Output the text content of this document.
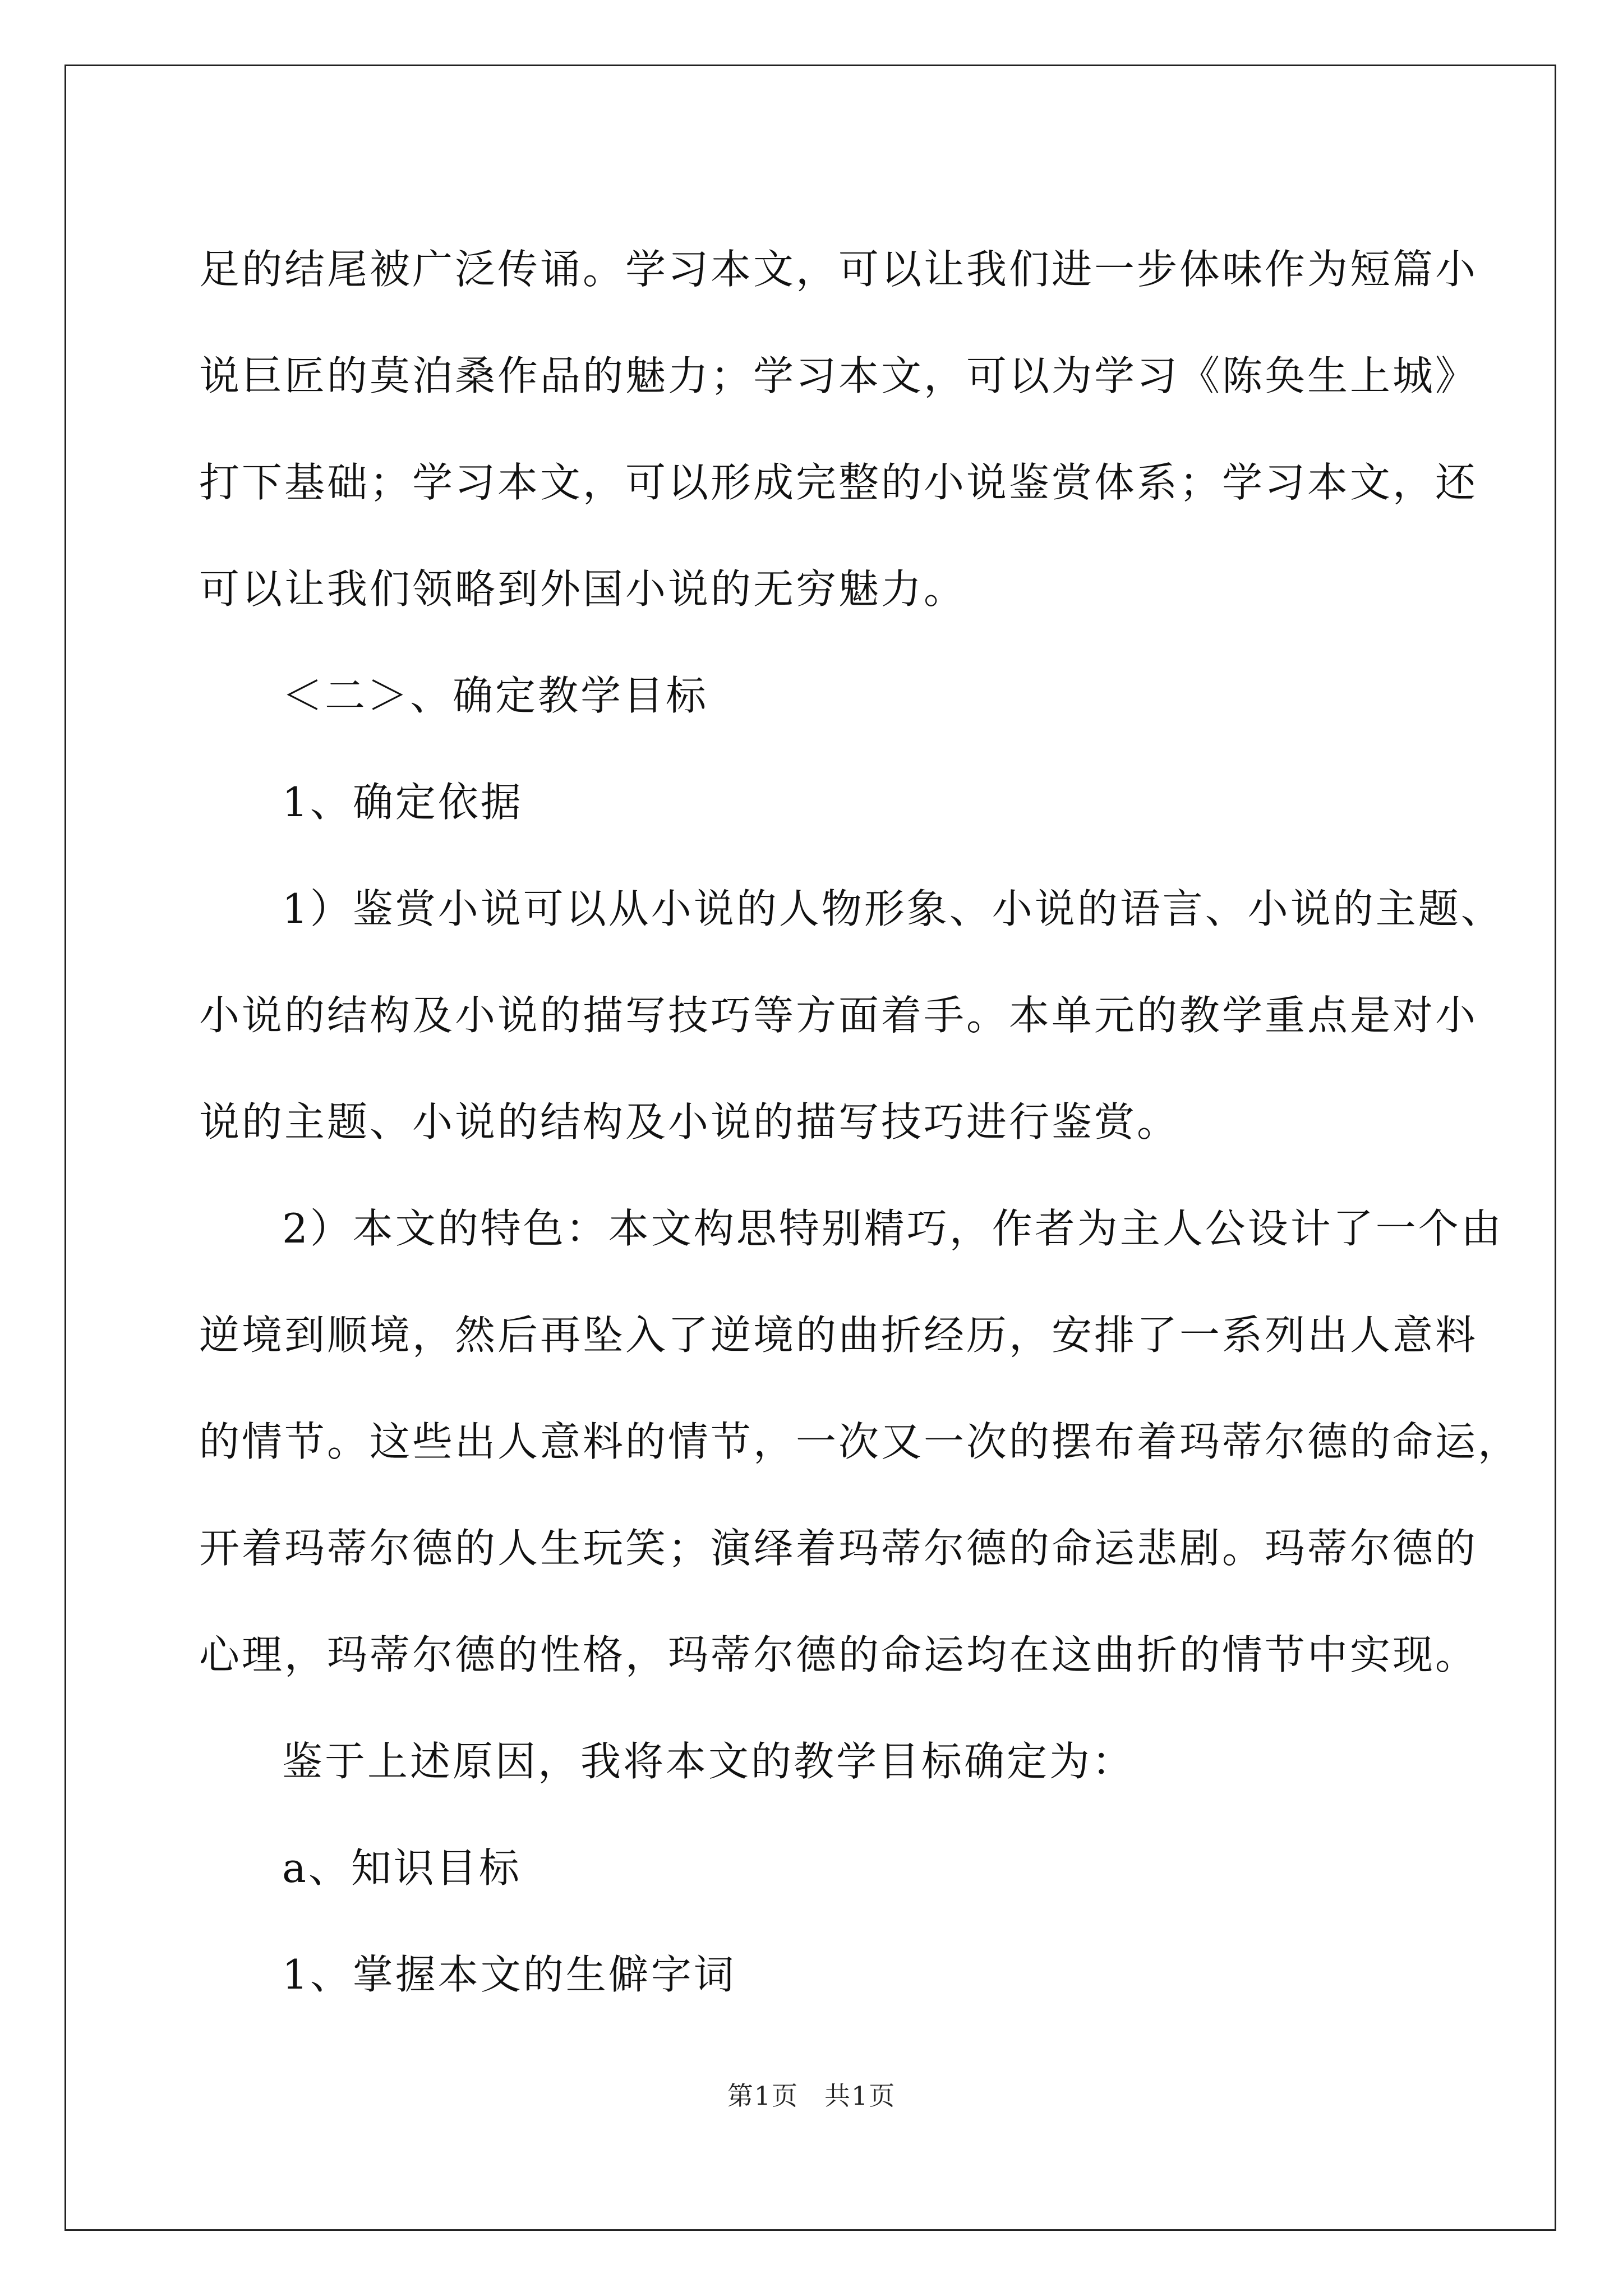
足的结尾被广泛传诵。学习本文，可以让我们进一步体味作为短篇小
说巨匠的莫泊桑作品的魅力；学习本文，可以为学习《陈奂生上城》
打下基础；学习本文，可以形成完整的小说鉴赏体系；学习本文，还
可以让我们领略到外国小说的无穷魅力。
＜二＞、确定教学目标
1、确定依据
1）鉴赏小说可以从小说的人物形象、小说的语言、小说的主题、
小说的结构及小说的描写技巧等方面着手。本单元的教学重点是对小
说的主题、小说的结构及小说的描写技巧进行鉴赏。
2）本文的特色：本文构思特别精巧，作者为主人公设计了一个由
逆境到顺境，然后再坠入了逆境的曲折经历，安排了一系列出人意料
的情节。这些出人意料的情节，一次又一次的摆布着玛蒂尔德的命运，
开着玛蒂尔德的人生玩笑；演绎着玛蒂尔德的命运悲剧。玛蒂尔德的
心理，玛蒂尔德的性格，玛蒂尔德的命运均在这曲折的情节中实现。
鉴于上述原因，我将本文的教学目标确定为：
a、知识目标
1、掌握本文的生僻字词
第1页 共1页
